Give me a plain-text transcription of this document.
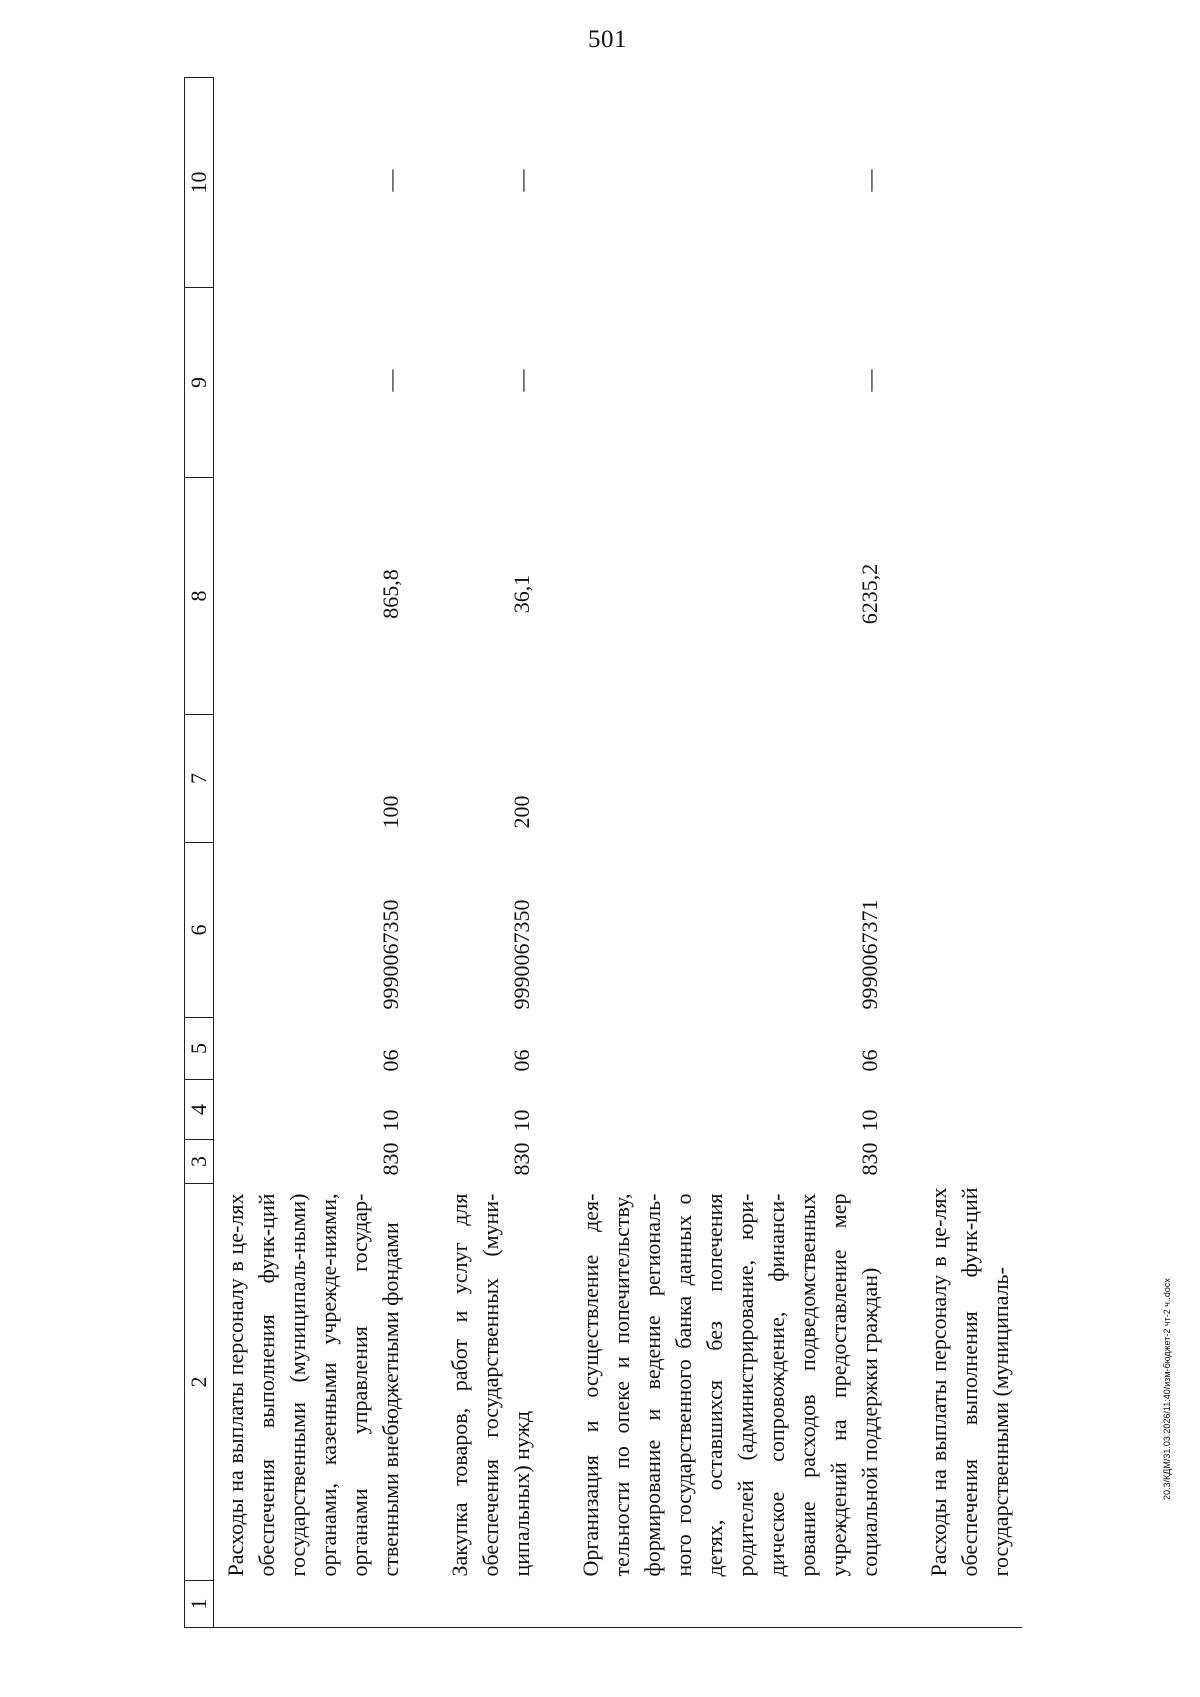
501
20.3/КДМ/31.03.2026/11:40/изм-бюджет-2 чт-2 ч..docx
1	2	3	4	5	6	7	8	9	10
	Расходы на выплаты персоналу в це-лях обеспечения выполнения функ-ций государственными (муниципаль-ными) органами, казенными учрежде-ниями, органами управления государ-ственными внебюджетными фондами	830	10	06	9990067350	100	865,8	—	—

	Закупка товаров, работ и услуг для обеспечения государственных (муни-ципальных) нужд	830	10	06	9990067350	200	36,1	—	—

	Организация и осуществление дея-тельности по опеке и попечительству, формирование и ведение региональ-ного государственного банка данных о детях, оставшихся без попечения родителей (администрирование, юри-дическое сопровождение, финанси-рование расходов подведомственных учреждений на предоставление мер социальной поддержки граждан)	830	10	06	9990067371		6235,2	—	—

	Расходы на выплаты персоналу в це-лях обеспечения выполнения функ-ций государственными (муниципаль-								
